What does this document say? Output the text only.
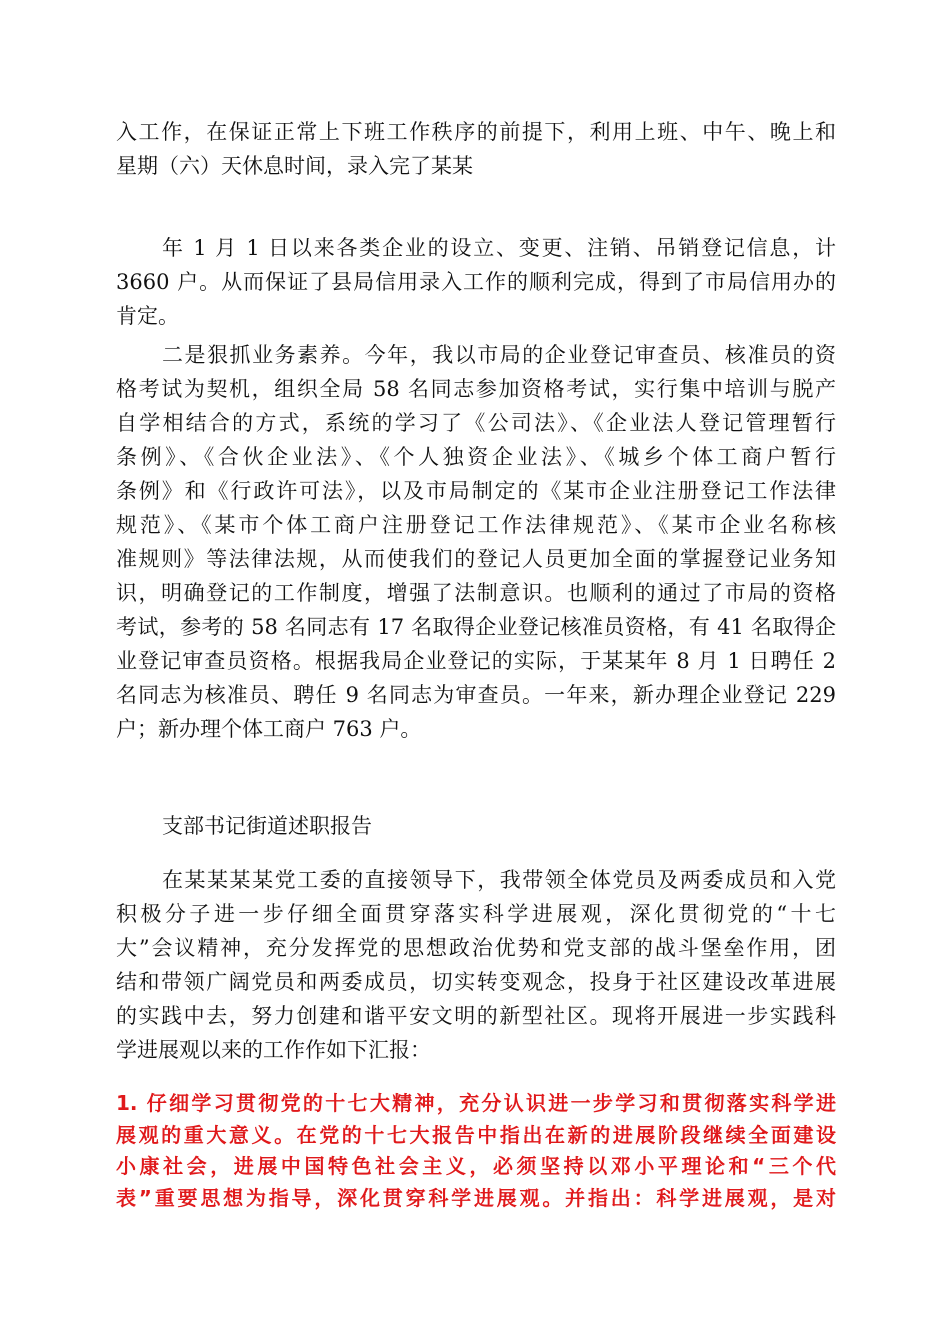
入工作，在保证正常上下班工作秩序的前提下，利用上班、中午、晚上和
星期（六）天休息时间，录入完了某某

年 1 月 1 日以来各类企业的设立、变更、注销、吊销登记信息，计
3660 户。从而保证了县局信用录入工作的顺利完成，得到了市局信用办的
肯定。

二是狠抓业务素养。今年，我以市局的企业登记审查员、核准员的资
格考试为契机，组织全局 58 名同志参加资格考试，实行集中培训与脱产
自学相结合的方式，系统的学习了《公司法》、《企业法人登记管理暂行
条例》、《合伙企业法》、《个人独资企业法》、《城乡个体工商户暂行
条例》和《行政许可法》，以及市局制定的《某市企业注册登记工作法律
规范》、《某市个体工商户注册登记工作法律规范》、《某市企业名称核
准规则》等法律法规，从而使我们的登记人员更加全面的掌握登记业务知
识，明确登记的工作制度，增强了法制意识。也顺利的通过了市局的资格
考试，参考的 58 名同志有 17 名取得企业登记核准员资格，有 41 名取得企
业登记审查员资格。根据我局企业登记的实际，于某某年 8 月 1 日聘任 2
名同志为核准员、聘任 9 名同志为审查员。一年来，新办理企业登记 229
户；新办理个体工商户 763 户。

支部书记街道述职报告

在某某某某党工委的直接领导下，我带领全体党员及两委成员和入党
积极分子进一步仔细全面贯穿落实科学进展观，深化贯彻党的“十七
大”会议精神，充分发挥党的思想政治优势和党支部的战斗堡垒作用，团
结和带领广阔党员和两委成员，切实转变观念，投身于社区建设改革进展
的实践中去，努力创建和谐平安文明的新型社区。现将开展进一步实践科
学进展观以来的工作作如下汇报：

1. 仔细学习贯彻党的十七大精神，充分认识进一步学习和贯彻落实科学进
展观的重大意义。在党的十七大报告中指出在新的进展阶段继续全面建设
小康社会，进展中国特色社会主义，必须坚持以邓小平理论和“三个代
表”重要思想为指导，深化贯穿科学进展观。并指出：科学进展观，是对
